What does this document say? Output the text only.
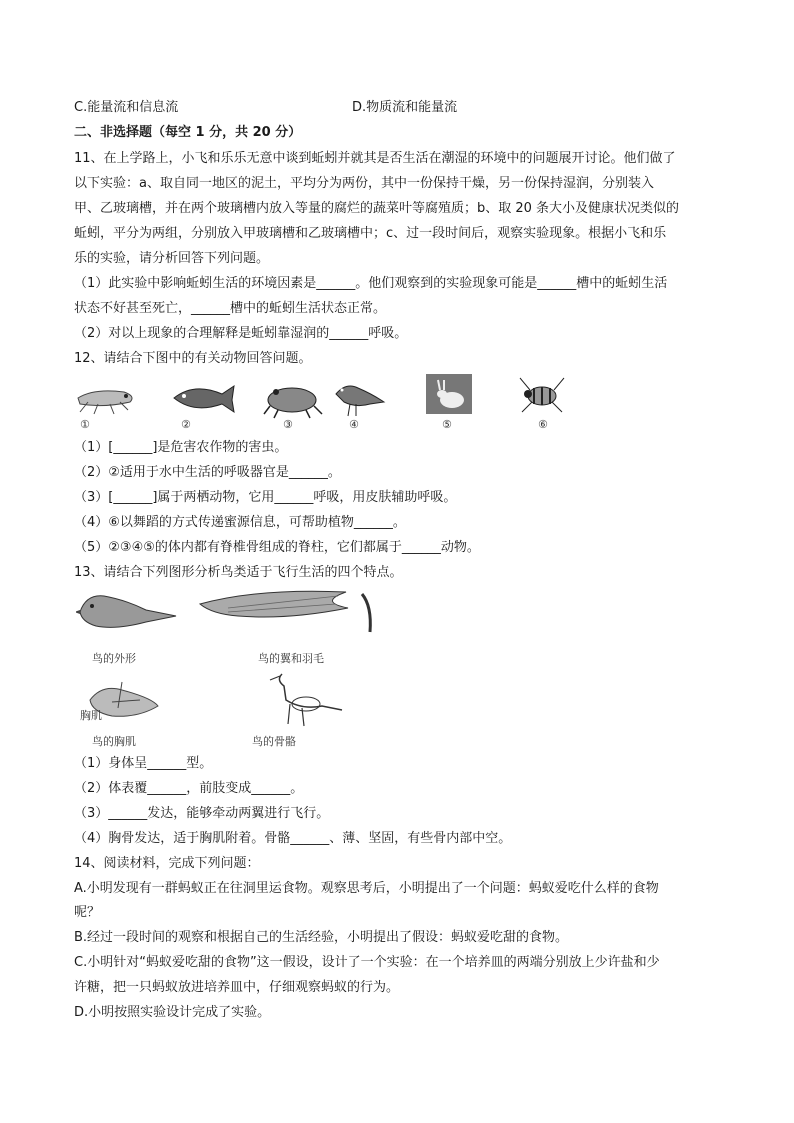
C.能量流和信息流	D.物质流和能量流
二、非选择题（每空 1 分，共 20 分）
11、在上学路上，小飞和乐乐无意中谈到蚯蚓并就其是否生活在潮湿的环境中的问题展开讨论。他们做了
以下实验：a、取自同一地区的泥土，平均分为两份，其中一份保持干燥，另一份保持湿润，分别装入
甲、乙玻璃槽，并在两个玻璃槽内放入等量的腐烂的蔬菜叶等腐殖质；b、取 20 条大小及健康状况类似的
蚯蚓，平分为两组，分别放入甲玻璃槽和乙玻璃槽中；c、过一段时间后，观察实验现象。根据小飞和乐
乐的实验，请分析回答下列问题。
（1）此实验中影响蚯蚓生活的环境因素是______。他们观察到的实验现象可能是______槽中的蚯蚓生活
状态不好甚至死亡，______槽中的蚯蚓生活状态正常。
（2）对以上现象的合理解释是蚯蚓靠湿润的______呼吸。
12、请结合下图中的有关动物回答问题。
①	②	③	④	⑤	⑥
（1）[______]是危害农作物的害虫。
（2）②适用于水中生活的呼吸器官是______。
（3）[______]属于两栖动物，它用______呼吸，用皮肤辅助呼吸。
（4）⑥以舞蹈的方式传递蜜源信息，可帮助植物______。
（5）②③④⑤的体内都有脊椎骨组成的脊柱，它们都属于______动物。
13、请结合下列图形分析鸟类适于飞行生活的四个特点。
鸟的外形	鸟的翼和羽毛
胸肌
鸟的胸肌	鸟的骨骼
（1）身体呈______型。
（2）体表覆______，前肢变成______。
（3）______发达，能够牵动两翼进行飞行。
（4）胸骨发达，适于胸肌附着。骨骼______、薄、坚固，有些骨内部中空。
14、阅读材料，完成下列问题：
A.小明发现有一群蚂蚁正在往洞里运食物。观察思考后，小明提出了一个问题：蚂蚁爱吃什么样的食物
呢？
B.经过一段时间的观察和根据自己的生活经验，小明提出了假设：蚂蚁爱吃甜的食物。
C.小明针对“蚂蚁爱吃甜的食物”这一假设，设计了一个实验：在一个培养皿的两端分别放上少许盐和少
许糖，把一只蚂蚁放进培养皿中，仔细观察蚂蚁的行为。
D.小明按照实验设计完成了实验。
